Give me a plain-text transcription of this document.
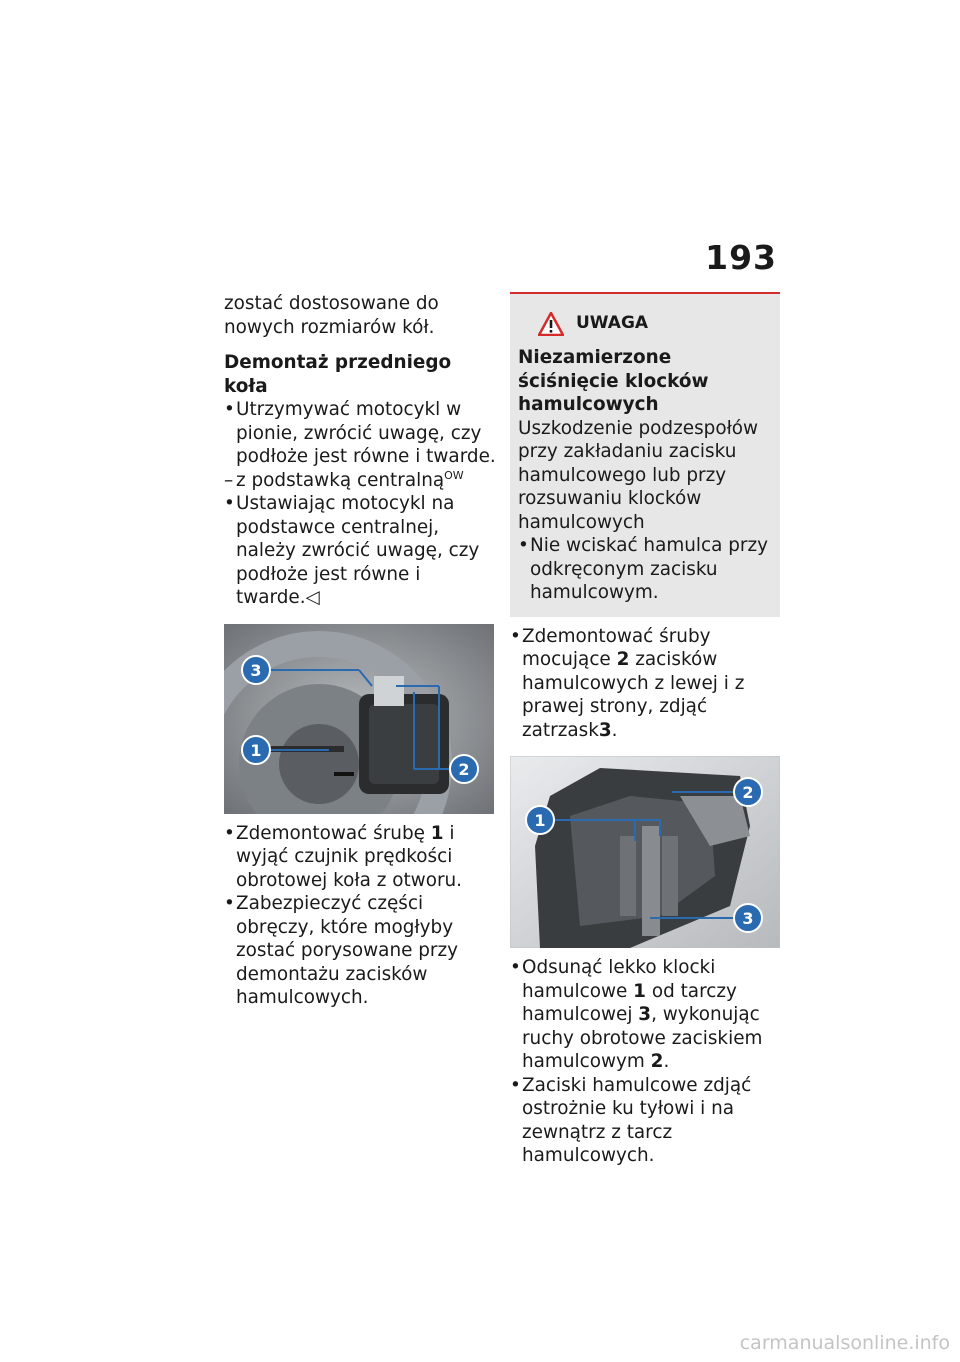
193

zostać dostosowane do nowych rozmiarów kół.

Demontaż przedniego koła

• Utrzymywać motocykl w pionie, zwrócić uwagę, czy podłoże jest równe i twarde.

– z podstawką centralną$^{OW}$

• Ustawiając motocykl na podstawce centralnej, należy zwrócić uwagę, czy podłoże jest równe i twarde.◁

3
1
2

• Zdemontować śrubę 1 i wyjąć czujnik prędkości obrotowej koła z otworu.

• Zabezpieczyć części obręczy, które mogłyby zostać porysowane przy demontażu zacisków hamulcowych.

UWAGA

Niezamierzone ściśnięcie klocków hamulcowych

Uszkodzenie podzespołów przy zakładaniu zacisku hamulcowego lub przy rozsuwaniu klocków hamulcowych

• Nie wciskać hamulca przy odkręconym zacisku hamulcowym.

• Zdemontować śruby mocujące 2 zacisków hamulcowych z lewej i z prawej strony, zdjąć zatrzask3.

2
1
3

• Odsunąć lekko klocki hamulcowe 1 od tarczy hamulcowej 3, wykonując ruchy obrotowe zaciskiem hamulcowym 2.

• Zaciski hamulcowe zdjąć ostrożnie ku tyłowi i na zewnątrz z tarcz hamulcowych.

carmanualsonline.info
